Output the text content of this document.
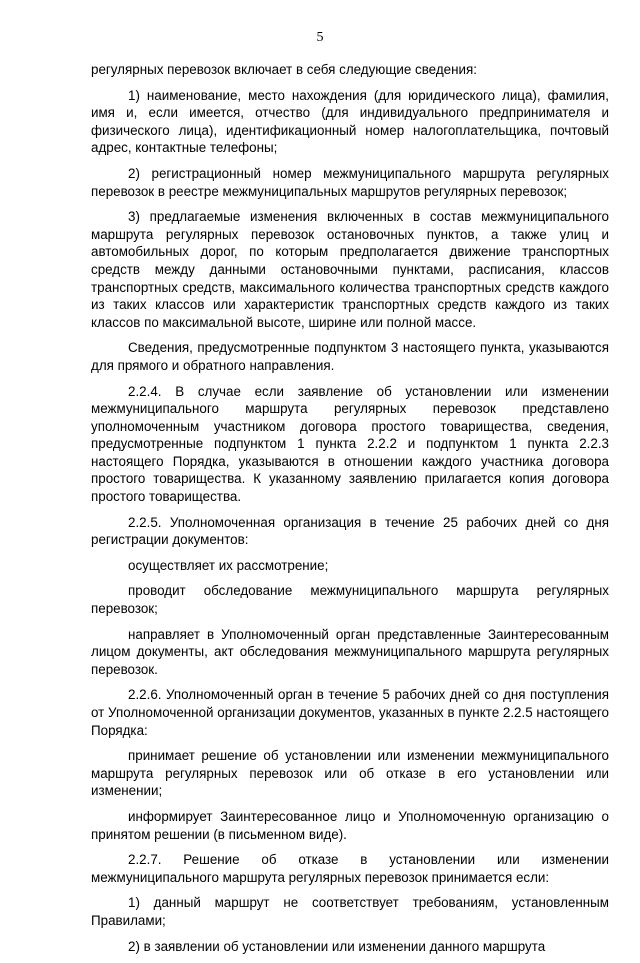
5

регулярных перевозок включает в себя следующие сведения:

1) наименование, место нахождения (для юридического лица), фамилия, имя и, если имеется, отчество (для индивидуального предпринимателя и физического лица), идентификационный номер налогоплательщика, почтовый адрес, контактные телефоны;

2) регистрационный номер межмуниципального маршрута регулярных перевозок в реестре межмуниципальных маршрутов регулярных перевозок;

3) предлагаемые изменения включенных в состав межмуниципального маршрута регулярных перевозок остановочных пунктов, а также улиц и автомобильных дорог, по которым предполагается движение транспортных средств между данными остановочными пунктами, расписания, классов транспортных средств, максимального количества транспортных средств каждого из таких классов или характеристик транспортных средств каждого из таких классов по максимальной высоте, ширине или полной массе.

Сведения, предусмотренные подпунктом 3 настоящего пункта, указываются для прямого и обратного направления.

2.2.4. В случае если заявление об установлении или изменении межмуниципального маршрута регулярных перевозок представлено уполномоченным участником договора простого товарищества, сведения, предусмотренные подпунктом 1 пункта 2.2.2 и подпунктом 1 пункта 2.2.3 настоящего Порядка, указываются в отношении каждого участника договора простого товарищества. К указанному заявлению прилагается копия договора простого товарищества.

2.2.5. Уполномоченная организация в течение 25 рабочих дней со дня регистрации документов:

осуществляет их рассмотрение;

проводит обследование межмуниципального маршрута регулярных перевозок;

направляет в Уполномоченный орган представленные Заинтересованным лицом документы, акт обследования межмуниципального маршрута регулярных перевозок.

2.2.6. Уполномоченный орган в течение 5 рабочих дней со дня поступления от Уполномоченной организации документов, указанных в пункте 2.2.5 настоящего Порядка:

принимает решение об установлении или изменении межмуниципального маршрута регулярных перевозок или об отказе в его установлении или изменении;

информирует Заинтересованное лицо и Уполномоченную организацию о принятом решении (в письменном виде).

2.2.7. Решение об отказе в установлении или изменении межмуниципального маршрута регулярных перевозок принимается если:

1) данный маршрут не соответствует требованиям, установленным Правилами;

2) в заявлении об установлении или изменении данного маршрута
